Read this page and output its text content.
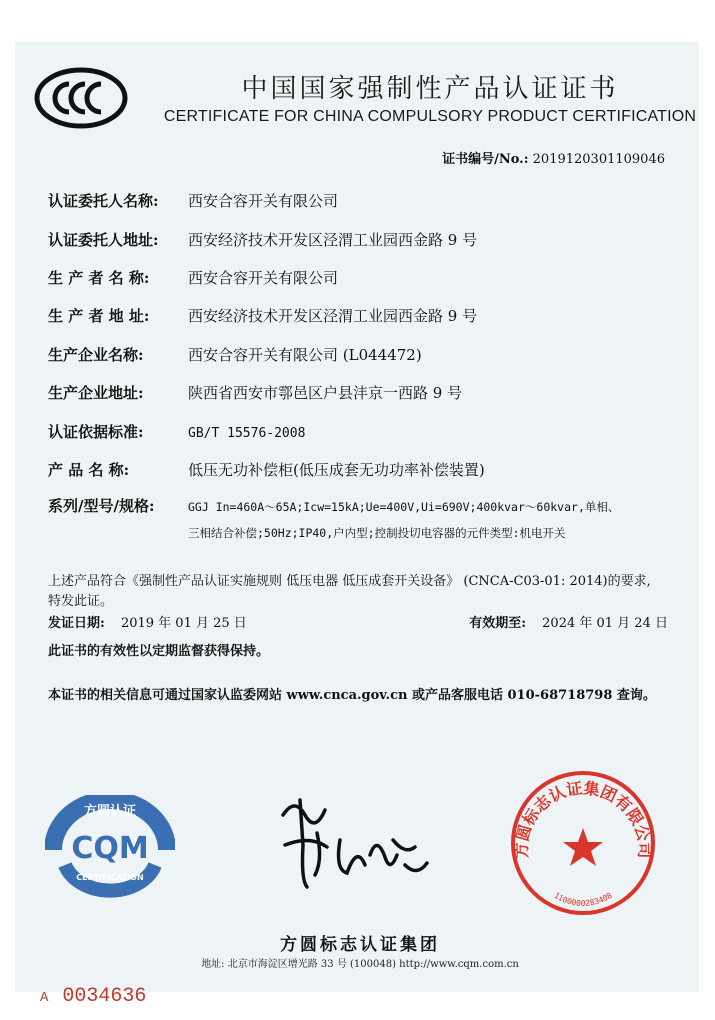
中国国家强制性产品认证证书
CERTIFICATE FOR CHINA COMPULSORY PRODUCT CERTIFICATION
证书编号/No.: 2019120301109046
认证委托人名称: 西安合容开关有限公司
认证委托人地址: 西安经济技术开发区泾渭工业园西金路 9 号
生 产 者 名 称:	西安合容开关有限公司
生 产 者 地 址:	西安经济技术开发区泾渭工业园西金路 9 号
生产企业名称:	西安合容开关有限公司 (L044472)
生产企业地址:	陕西省西安市鄠邑区户县沣京一西路 9 号
认证依据标准:	GB/T 15576-2008
产 品 名 称:	低压无功补偿柜(低压成套无功功率补偿装置)
系列/型号/规格:	GGJ In=460A～65A;Icw=15kA;Ue=400V,Ui=690V;400kvar～60kvar,单相、
三相结合补偿;50Hz;IP40,户内型;控制投切电容器的元件类型:机电开关
上述产品符合《强制性产品认证实施规则 低压电器 低压成套开关设备》 (CNCA-C03-01: 2014)的要求,
特发此证。
发证日期: 2019 年 01 月 25 日	有效期至: 2024 年 01 月 24 日
此证书的有效性以定期监督获得保持。
本证书的相关信息可通过国家认监委网站 www.cnca.gov.cn 或产品客服电话 010-68718798 查询。
方圆认证
CQM
CERTIFICATION
方圆标志认证集团有限公司
1100000283408
方圆标志认证集团
地址: 北京市海淀区增光路 33 号 (100048) http://www.cqm.com.cn
A 0034636
